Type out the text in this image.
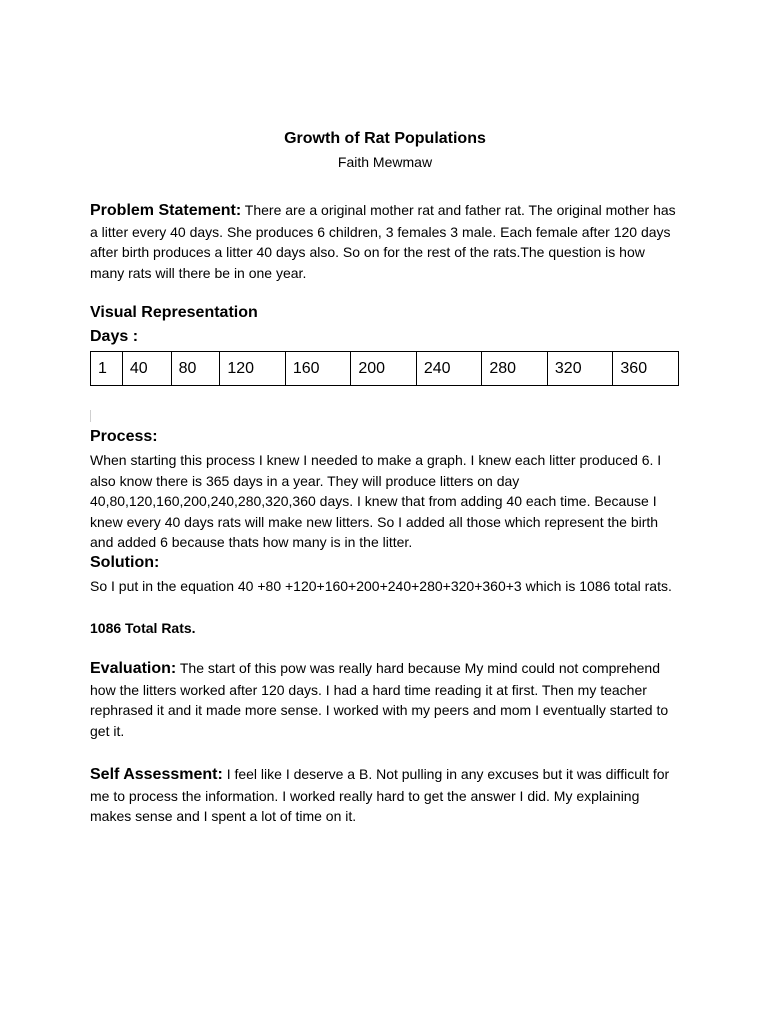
Growth of Rat Populations
Faith Mewmaw
Problem Statement: There are a original mother rat and father rat. The original mother has a litter every 40 days. She produces 6 children, 3 females 3 male. Each female after 120 days after birth produces a litter 40 days also. So on for the rest of the rats.The question is how many rats will there be in one year.
Visual Representation
Days :
1	40	80	120	160	200	240	280	320	360
Process:
When starting this process I knew I needed to make a graph. I knew each litter produced 6. I also know there is 365 days in a year. They will produce litters on day 40,80,120,160,200,240,280,320,360 days. I knew that from adding 40 each time. Because I knew every 40 days rats will make new litters. So I added all those which represent the birth and added 6 because thats how many is in the litter.
Solution:
So I put in the equation 40 +80 +120+160+200+240+280+320+360+3 which is 1086 total rats.
1086 Total Rats.
Evaluation: The start of this pow was really hard because My mind could not comprehend how the litters worked after 120 days. I had a hard time reading it at first. Then my teacher rephrased it and it made more sense. I worked with my peers and mom I eventually started to get it.
Self Assessment: I feel like I deserve a B. Not pulling in any excuses but it was difficult for me to process the information. I worked really hard to get the answer I did. My explaining makes sense and I spent a lot of time on it.
